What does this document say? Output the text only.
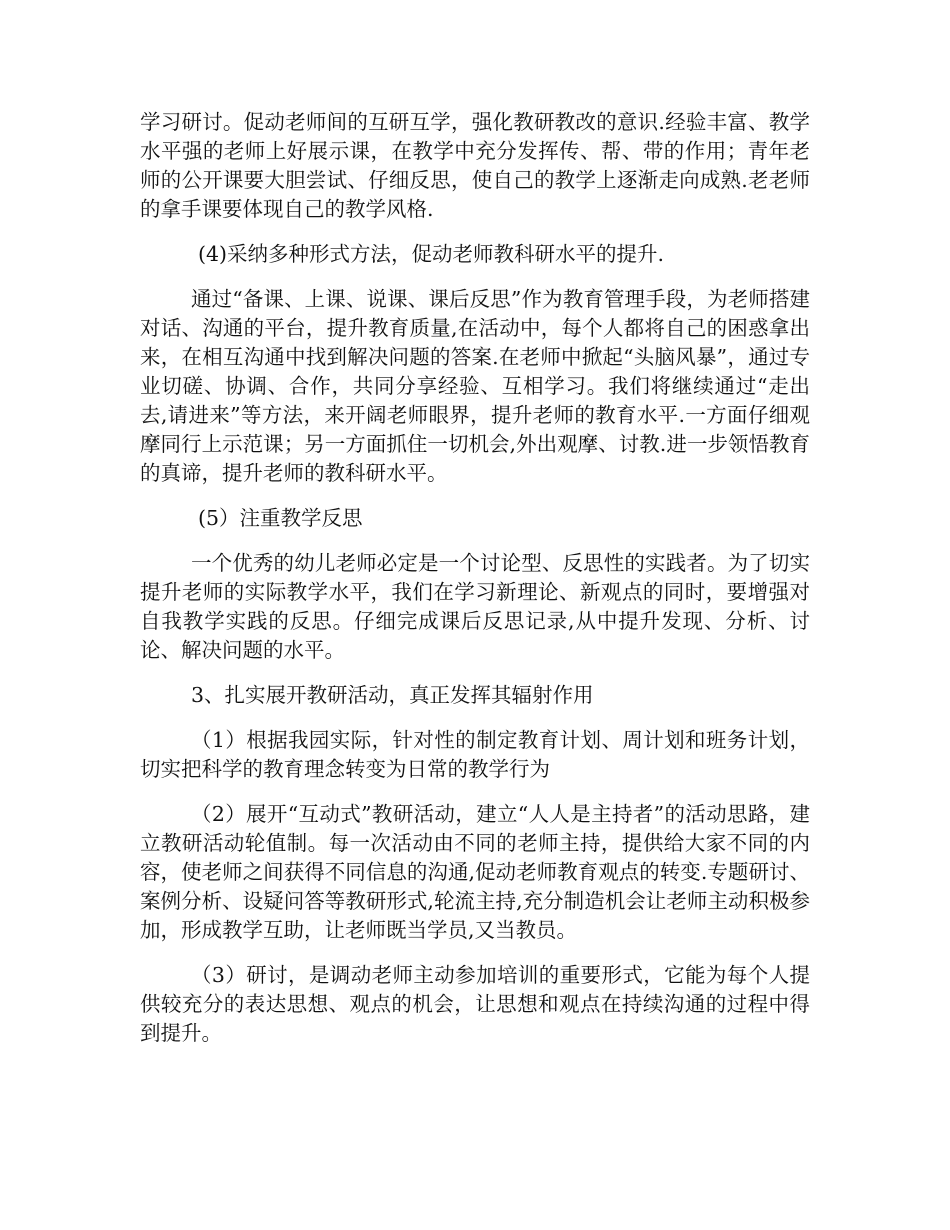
学习研讨。促动老师间的互研互学，强化教研教改的意识.经验丰富、教学水平强的老师上好展示课，在教学中充分发挥传、帮、带的作用；青年老师的公开课要大胆尝试、仔细反思，使自己的教学上逐渐走向成熟.老老师的拿手课要体现自己的教学风格.

(4)采纳多种形式方法，促动老师教科研水平的提升.

通过“备课、上课、说课、课后反思”作为教育管理手段，为老师搭建对话、沟通的平台，提升教育质量,在活动中，每个人都将自己的困惑拿出来，在相互沟通中找到解决问题的答案.在老师中掀起“头脑风暴”，通过专业切磋、协调、合作，共同分享经验、互相学习。我们将继续通过“走出去,请进来”等方法，来开阔老师眼界，提升老师的教育水平.一方面仔细观摩同行上示范课；另一方面抓住一切机会,外出观摩、讨教.进一步领悟教育的真谛，提升老师的教科研水平。

(5）注重教学反思

一个优秀的幼儿老师必定是一个讨论型、反思性的实践者。为了切实提升老师的实际教学水平，我们在学习新理论、新观点的同时，要增强对自我教学实践的反思。仔细完成课后反思记录,从中提升发现、分析、讨论、解决问题的水平。

3、扎实展开教研活动，真正发挥其辐射作用

（1）根据我园实际，针对性的制定教育计划、周计划和班务计划，切实把科学的教育理念转变为日常的教学行为

（2）展开“互动式”教研活动，建立“人人是主持者”的活动思路，建立教研活动轮值制。每一次活动由不同的老师主持，提供给大家不同的内容，使老师之间获得不同信息的沟通,促动老师教育观点的转变.专题研讨、案例分析、设疑问答等教研形式,轮流主持,充分制造机会让老师主动积极参加，形成教学互助，让老师既当学员,又当教员。

（3）研讨，是调动老师主动参加培训的重要形式，它能为每个人提供较充分的表达思想、观点的机会，让思想和观点在持续沟通的过程中得到提升。
